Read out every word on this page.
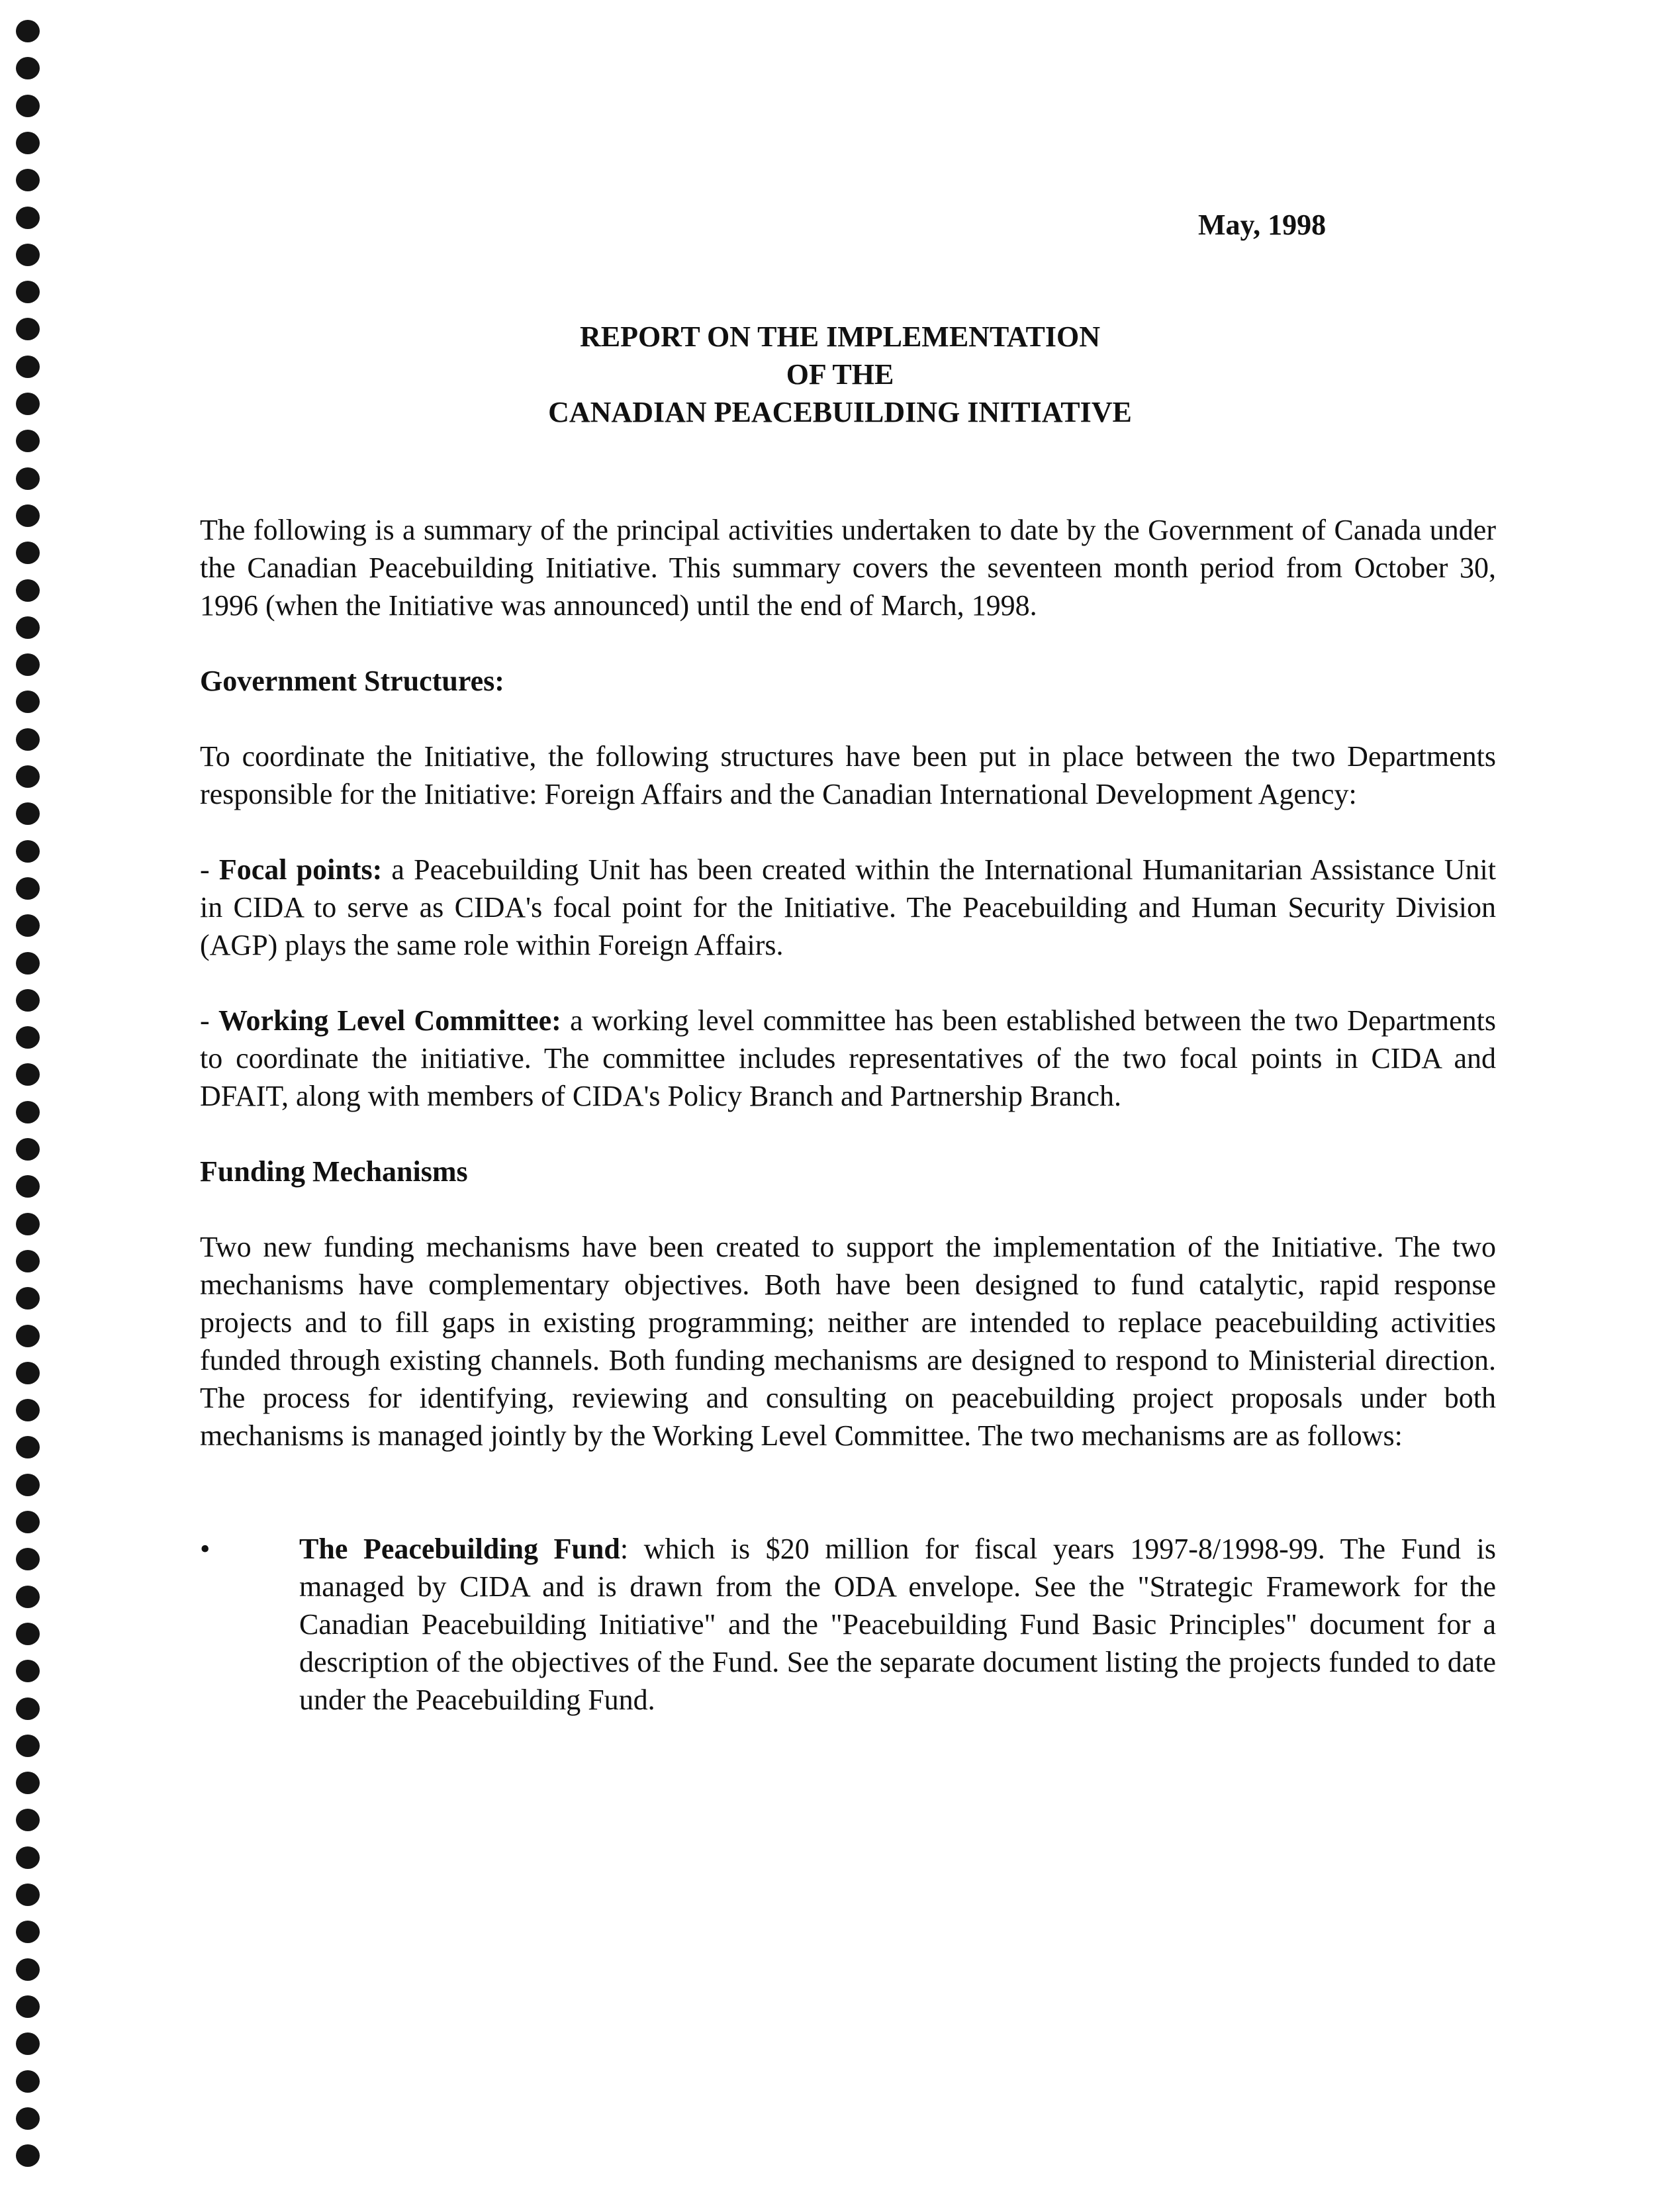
May, 1998
REPORT ON THE IMPLEMENTATION
OF THE
CANADIAN PEACEBUILDING INITIATIVE

The following is a summary of the principal activities undertaken to date by the Government of Canada under the Canadian Peacebuilding Initiative. This summary covers the seventeen month period from October 30, 1996 (when the Initiative was announced) until the end of March, 1998.

Government Structures:

To coordinate the Initiative, the following structures have been put in place between the two Departments responsible for the Initiative: Foreign Affairs and the Canadian International Development Agency:

- Focal points: a Peacebuilding Unit has been created within the International Humanitarian Assistance Unit in CIDA to serve as CIDA's focal point for the Initiative. The Peacebuilding and Human Security Division (AGP) plays the same role within Foreign Affairs.

- Working Level Committee: a working level committee has been established between the two Departments to coordinate the initiative. The committee includes representatives of the two focal points in CIDA and DFAIT, along with members of CIDA's Policy Branch and Partnership Branch.

Funding Mechanisms

Two new funding mechanisms have been created to support the implementation of the Initiative. The two mechanisms have complementary objectives. Both have been designed to fund catalytic, rapid response projects and to fill gaps in existing programming; neither are intended to replace peacebuilding activities funded through existing channels. Both funding mechanisms are designed to respond to Ministerial direction. The process for identifying, reviewing and consulting on peacebuilding project proposals under both mechanisms is managed jointly by the Working Level Committee. The two mechanisms are as follows:

•	The Peacebuilding Fund: which is $20 million for fiscal years 1997-8/1998-99. The Fund is managed by CIDA and is drawn from the ODA envelope. See the "Strategic Framework for the Canadian Peacebuilding Initiative" and the "Peacebuilding Fund Basic Principles" document for a description of the objectives of the Fund. See the separate document listing the projects funded to date under the Peacebuilding Fund.
